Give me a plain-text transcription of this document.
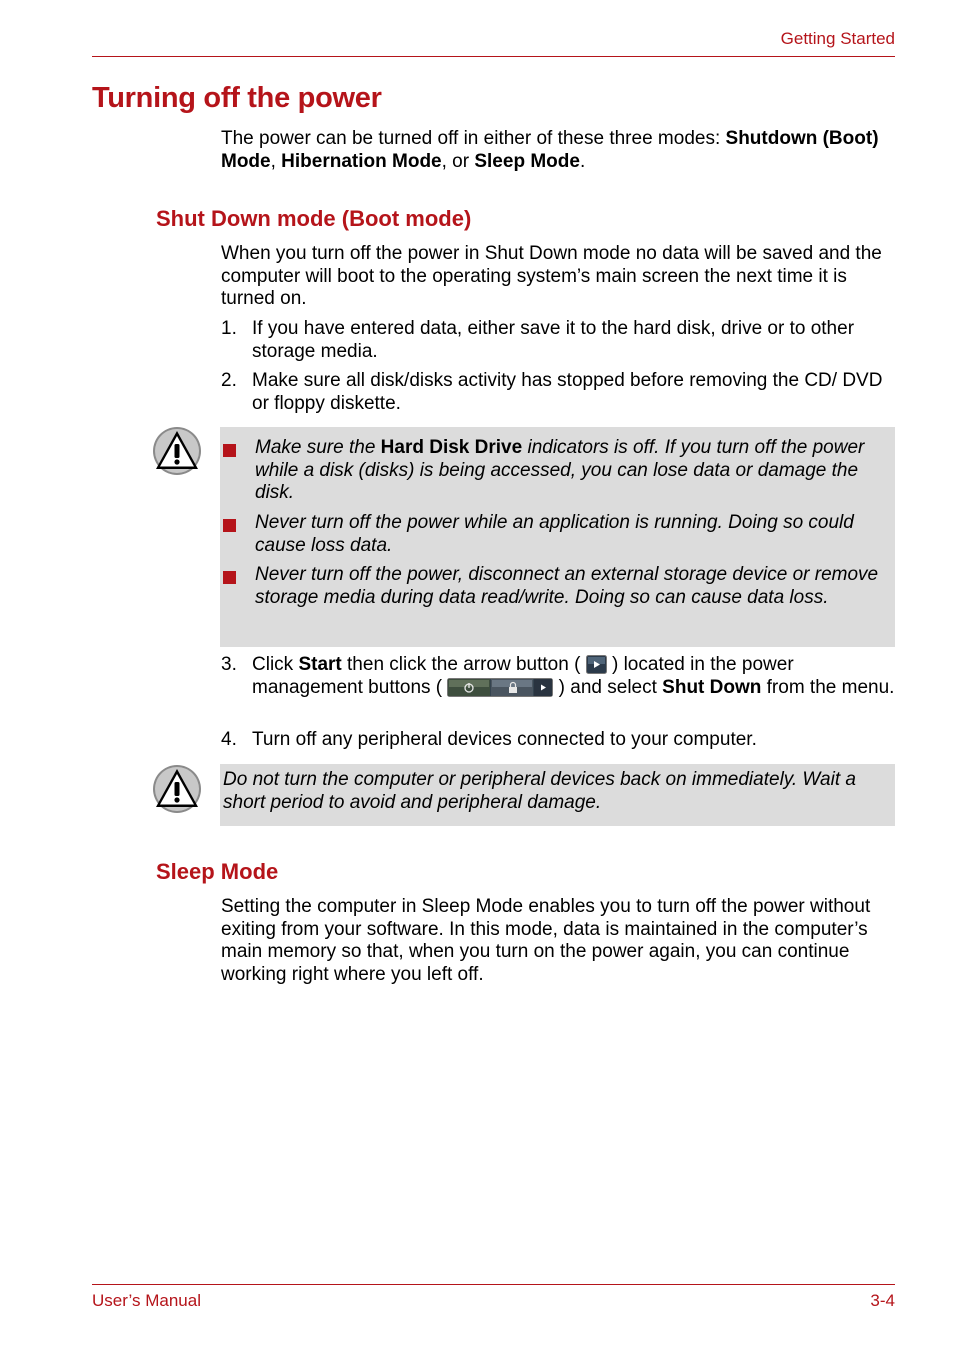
Getting Started
Turning off the power
The power can be turned off in either of these three modes: Shutdown (Boot) Mode, Hibernation Mode, or Sleep Mode.
Shut Down mode (Boot mode)
When you turn off the power in Shut Down mode no data will be saved and the computer will boot to the operating system’s main screen the next time it is turned on.
1. If you have entered data, either save it to the hard disk, drive or to other storage media.
2. Make sure all disk/disks activity has stopped before removing the CD/ DVD or floppy diskette.
Make sure the Hard Disk Drive indicators is off. If you turn off the power while a disk (disks) is being accessed, you can lose data or damage the disk.
Never turn off the power while an application is running. Doing so could cause loss data.
Never turn off the power, disconnect an external storage device or remove storage media during data read/write. Doing so can cause data loss.
3. Click Start then click the arrow button (  ) located in the power management buttons (	) and select Shut Down from the menu.
4. Turn off any peripheral devices connected to your computer.
Do not turn the computer or peripheral devices back on immediately. Wait a short period to avoid and peripheral damage.
Sleep Mode
Setting the computer in Sleep Mode enables you to turn off the power without exiting from your software. In this mode, data is maintained in the computer’s main memory so that, when you turn on the power again, you can continue working right where you left off.
User’s Manual	3-4
